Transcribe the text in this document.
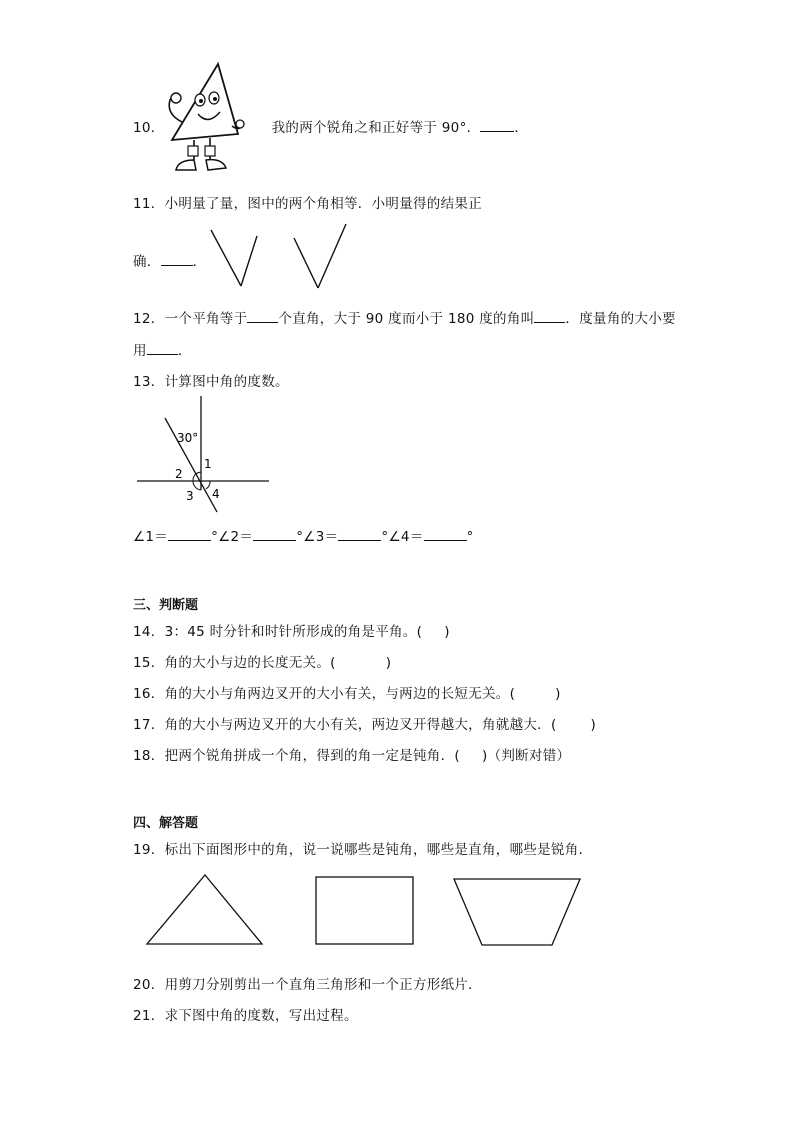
10．	我的两个锐角之和正好等于 90°．	．
11．小明量了量，图中的两个角相等．小明量得的结果正
确． ．
12．一个平角等于 个直角，大于 90 度而小于 180 度的角叫 ．度量角的大小要
用 ．
13．计算图中角的度数。
30°
1
2
3 4
∠1＝	°∠2＝	°∠3＝	°∠4＝	°
三、判断题
14．3：45 时分针和时针所形成的角是平角。( )
15．角的大小与边的长度无关。(	)
16．角的大小与角两边叉开的大小有关，与两边的长短无关。(	)
17．角的大小与两边叉开的大小有关，两边叉开得越大，角就越大．(	)
18．把两个锐角拼成一个角，得到的角一定是钝角．( )（判断对错）
四、解答题
19．标出下面图形中的角，说一说哪些是钝角，哪些是直角，哪些是锐角．
20．用剪刀分别剪出一个直角三角形和一个正方形纸片．
21．求下图中角的度数，写出过程。
